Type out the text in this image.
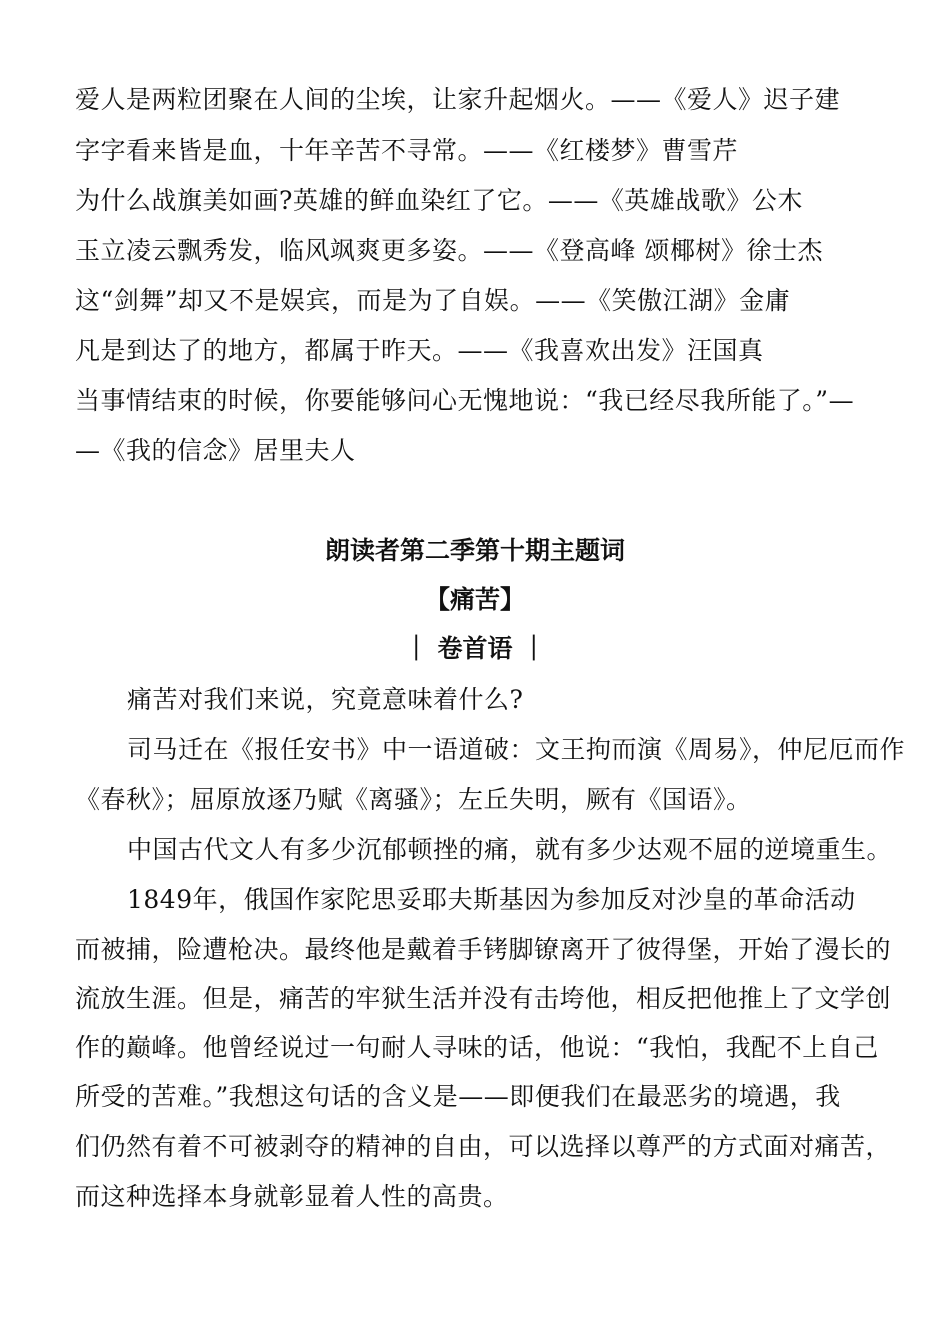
爱人是两粒团聚在人间的尘埃，让家升起烟火。——《爱人》迟子建
字字看来皆是血，十年辛苦不寻常。——《红楼梦》曹雪芹
为什么战旗美如画?英雄的鲜血染红了它。——《英雄战歌》公木
玉立凌云飘秀发，临风飒爽更多姿。——《登高峰 颂椰树》徐士杰
这“剑舞”却又不是娱宾，而是为了自娱。——《笑傲江湖》金庸
凡是到达了的地方，都属于昨天。——《我喜欢出发》汪国真
当事情结束的时候，你要能够问心无愧地说：“我已经尽我所能了。”—
—《我的信念》居里夫人
朗读者第二季第十期主题词
【痛苦】
｜ 卷首语 ｜
痛苦对我们来说，究竟意味着什么?
司马迁在《报任安书》中一语道破：文王拘而演《周易》，仲尼厄而作
《春秋》；屈原放逐乃赋《离骚》；左丘失明，厥有《国语》。
中国古代文人有多少沉郁顿挫的痛，就有多少达观不屈的逆境重生。
1849年，俄国作家陀思妥耶夫斯基因为参加反对沙皇的革命活动
而被捕，险遭枪决。最终他是戴着手铐脚镣离开了彼得堡，开始了漫长的
流放生涯。但是，痛苦的牢狱生活并没有击垮他，相反把他推上了文学创
作的巅峰。他曾经说过一句耐人寻味的话，他说：“我怕，我配不上自己
所受的苦难。”我想这句话的含义是——即便我们在最恶劣的境遇，我
们仍然有着不可被剥夺的精神的自由，可以选择以尊严的方式面对痛苦，
而这种选择本身就彰显着人性的高贵。
